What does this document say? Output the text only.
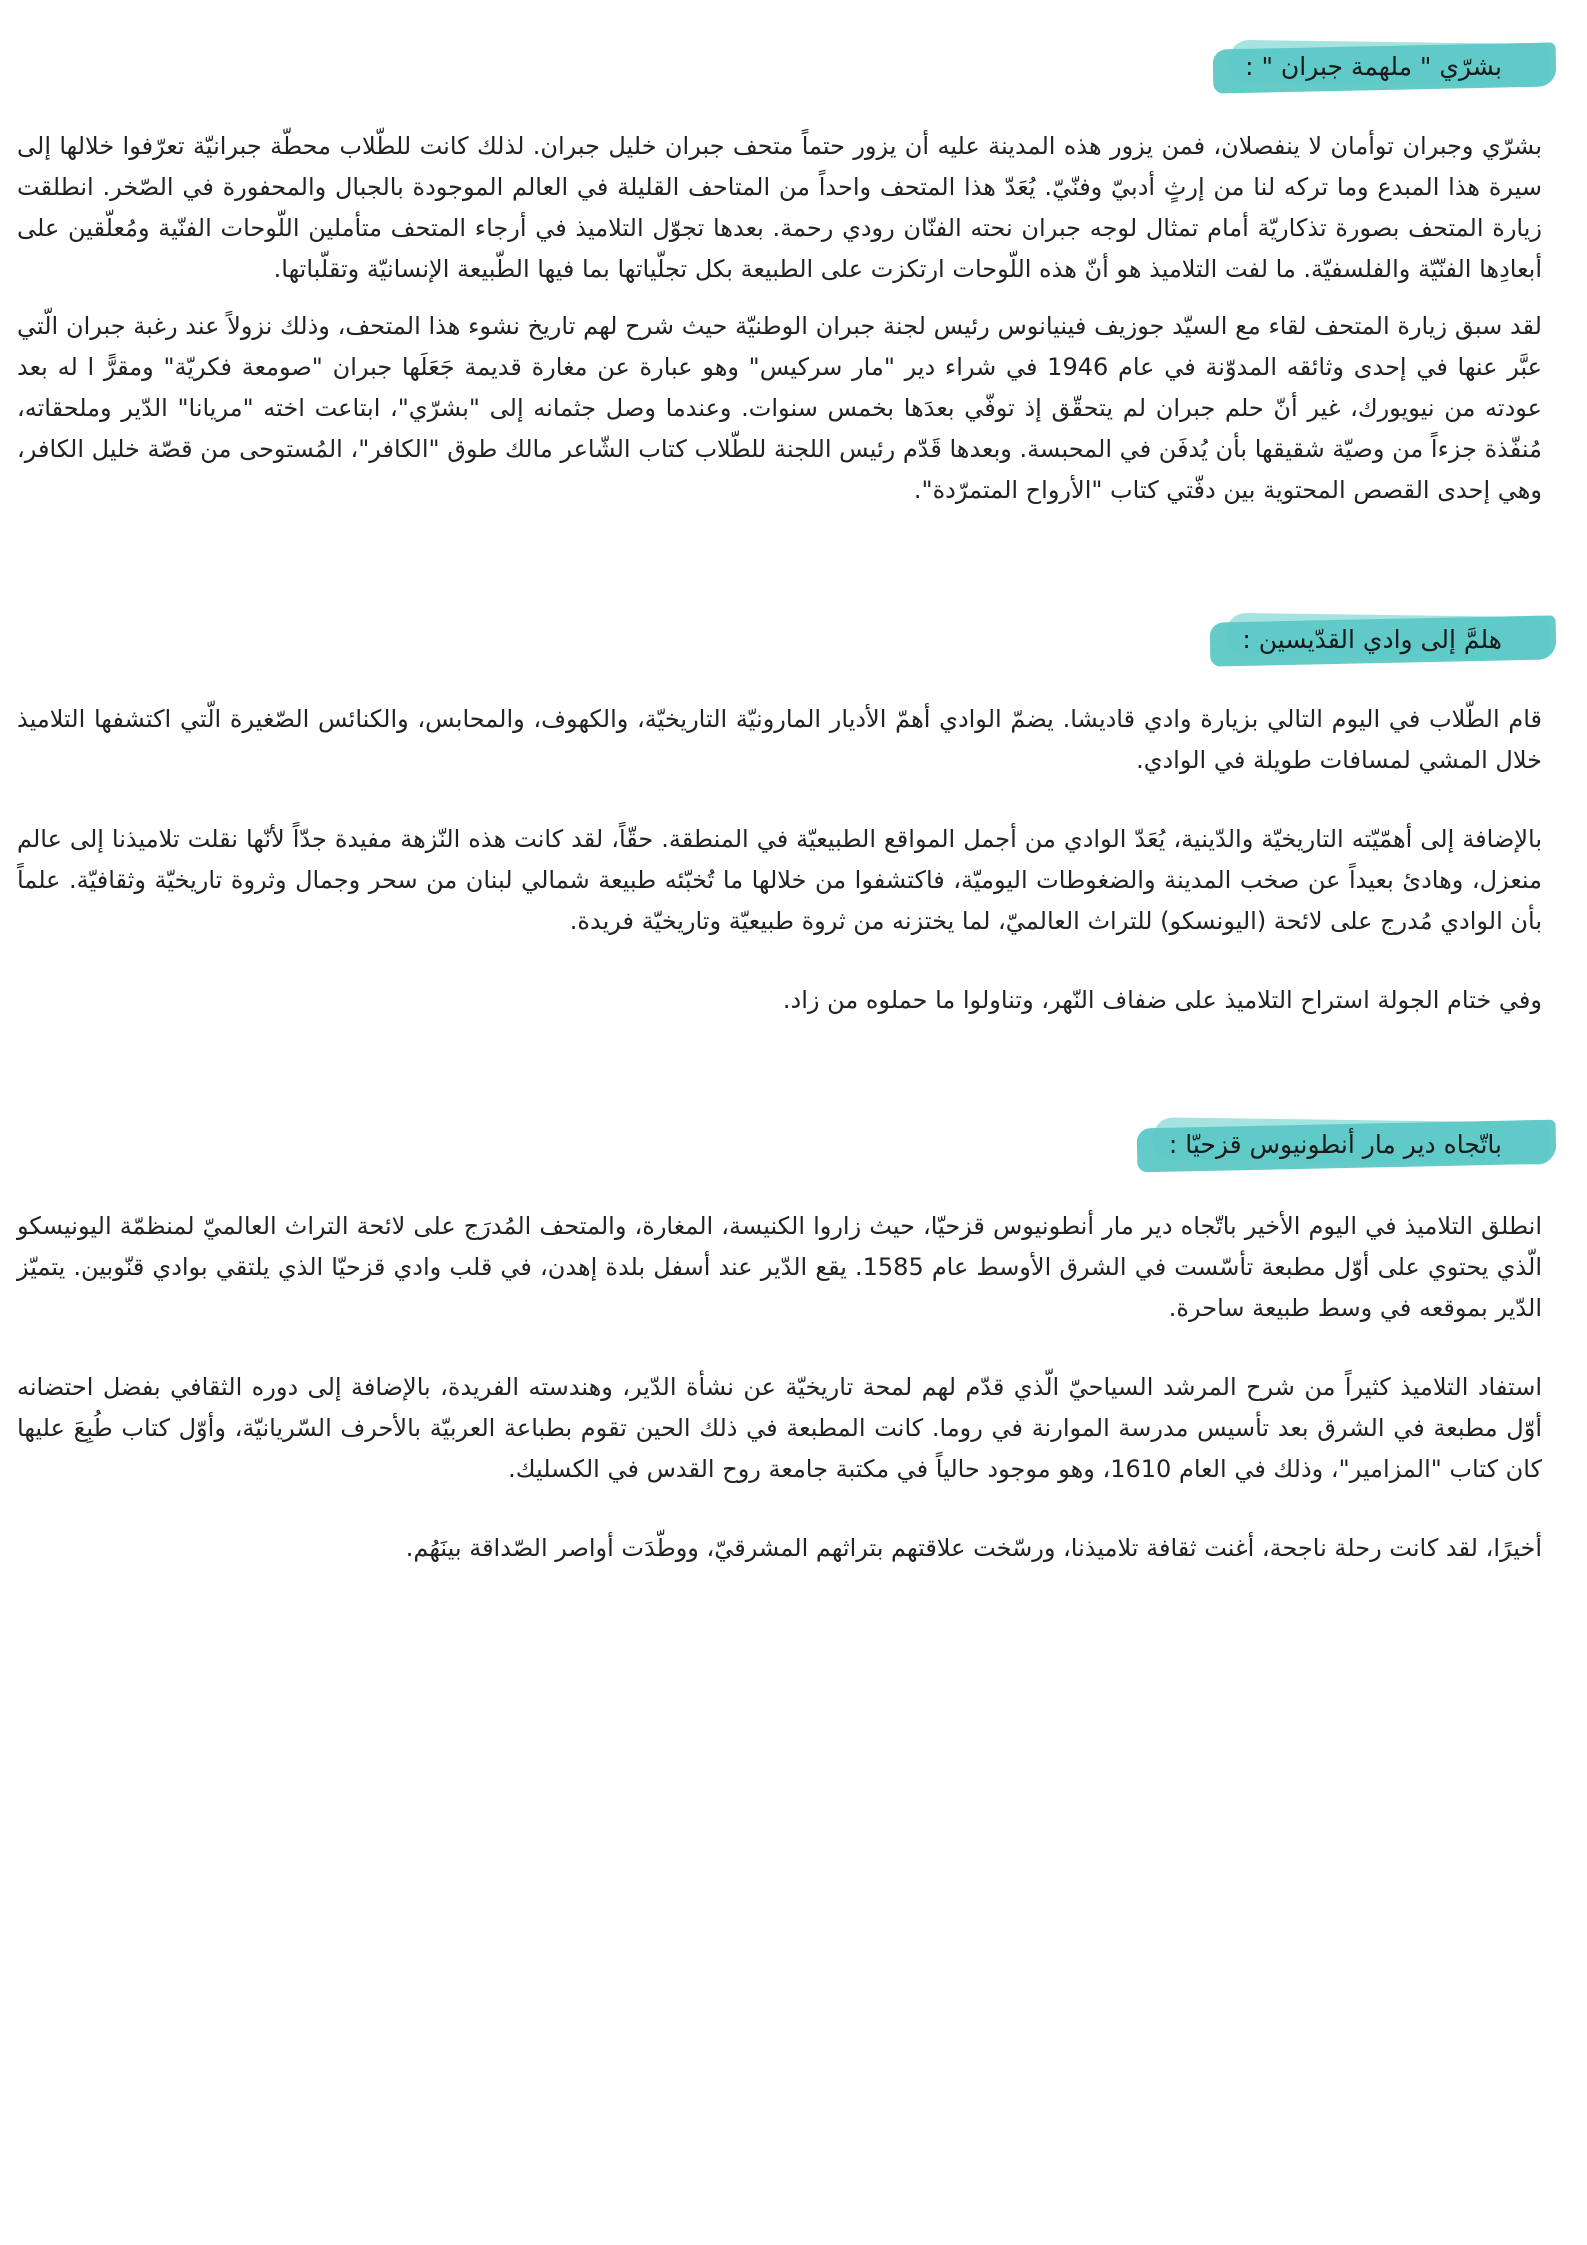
بشرّي " ملهمة جبران " :

بشرّي وجبران توأمان لا ينفصلان، فمن يزور هذه المدينة عليه أن يزور حتماً متحف جبران خليل جبران. لذلك كانت للطّلاب محطّة جبرانيّة تعرّفوا خلالها إلى سيرة هذا المبدع وما تركه لنا من إرثٍ أدبيّ وفنّيّ. يُعَدّ هذا المتحف واحداً من المتاحف القليلة في العالم الموجودة بالجبال والمحفورة في الصّخر. انطلقت زيارة المتحف بصورة تذكاريّة أمام تمثال لوجه جبران نحته الفنّان رودي رحمة. بعدها تجوّل التلاميذ في أرجاء المتحف متأملين اللّوحات الفنّية ومُعلّقين على أبعادِها الفنّيّة والفلسفيّة. ما لفت التلاميذ هو أنّ هذه اللّوحات ارتكزت على الطبيعة بكل تجلّياتها بما فيها الطّبيعة الإنسانيّة وتقلّباتها.

لقد سبق زيارة المتحف لقاء مع السيّد جوزيف فينيانوس رئيس لجنة جبران الوطنيّة حيث شرح لهم تاريخ نشوء هذا المتحف، وذلك نزولاً عند رغبة جبران الّتي عبَّر عنها في إحدى وثائقه المدوّنة في عام 1946 في شراء دير "مار سركيس" وهو عبارة عن مغارة قديمة جَعَلَها جبران "صومعة فكريّة" ومقرًّ ا له بعد عودته من نيويورك، غير أنّ حلم جبران لم يتحقّق إذ توفّي بعدَها بخمس سنوات. وعندما وصل جثمانه إلى "بشرّي"، ابتاعت اخته "مريانا" الدّير وملحقاته، مُنفّذة جزءاً من وصيّة شقيقها بأن يُدفَن في المحبسة. وبعدها قَدّم رئيس اللجنة للطّلاب كتاب الشّاعر مالك طوق "الكافر"، المُستوحى من قصّة خليل الكافر، وهي إحدى القصص المحتوية بين دفّتي كتاب "الأرواح المتمرّدة".

هلمَّ إلى وادي القدّيسين :

قام الطّلاب في اليوم التالي بزيارة وادي قاديشا. يضمّ الوادي أهمّ الأديار المارونيّة التاريخيّة، والكهوف، والمحابس، والكنائس الصّغيرة الّتي اكتشفها التلاميذ خلال المشي لمسافات طويلة في الوادي.

بالإضافة إلى أهمّيّته التاريخيّة والدّينية، يُعَدّ الوادي من أجمل المواقع الطبيعيّة في المنطقة. حقّاً، لقد كانت هذه النّزهة مفيدة جدّاً لأنّها نقلت تلاميذنا إلى عالم منعزل، وهادئ بعيداً عن صخب المدينة والضغوطات اليوميّة، فاكتشفوا من خلالها ما تُخبّئه طبيعة شمالي لبنان من سحر وجمال وثروة تاريخيّة وثقافيّة. علماً بأن الوادي مُدرج على لائحة (اليونسكو) للتراث العالميّ، لما يختزنه من ثروة طبيعيّة وتاريخيّة فريدة.

وفي ختام الجولة استراح التلاميذ على ضفاف النّهر، وتناولوا ما حملوه من زاد.

باتّجاه دير مار أنطونيوس قزحيّا :

انطلق التلاميذ في اليوم الأخير باتّجاه دير مار أنطونيوس قزحيّا، حيث زاروا الكنيسة، المغارة، والمتحف المُدرَج على لائحة التراث العالميّ لمنظمّة اليونيسكو الّذي يحتوي على أوّل مطبعة تأسّست في الشرق الأوسط عام 1585. يقع الدّير عند أسفل بلدة إهدن، في قلب وادي قزحيّا الذي يلتقي بوادي قنّوبين. يتميّز الدّير بموقعه في وسط طبيعة ساحرة.

استفاد التلاميذ كثيراً من شرح المرشد السياحيّ الّذي قدّم لهم لمحة تاريخيّة عن نشأة الدّير، وهندسته الفريدة، بالإضافة إلى دوره الثقافي بفضل احتضانه أوّل مطبعة في الشرق بعد تأسيس مدرسة الموارنة في روما. كانت المطبعة في ذلك الحين تقوم بطباعة العربيّة بالأحرف السّريانيّة، وأوّل كتاب طُبِعَ عليها كان كتاب "المزامير"، وذلك في العام 1610، وهو موجود حالياً في مكتبة جامعة روح القدس في الكسليك.

أخيرًا، لقد كانت رحلة ناجحة، أغنت ثقافة تلاميذنا، ورسّخت علاقتهم بتراثهم المشرقيّ، ووطّدَت أواصر الصّداقة بينَهُم.
